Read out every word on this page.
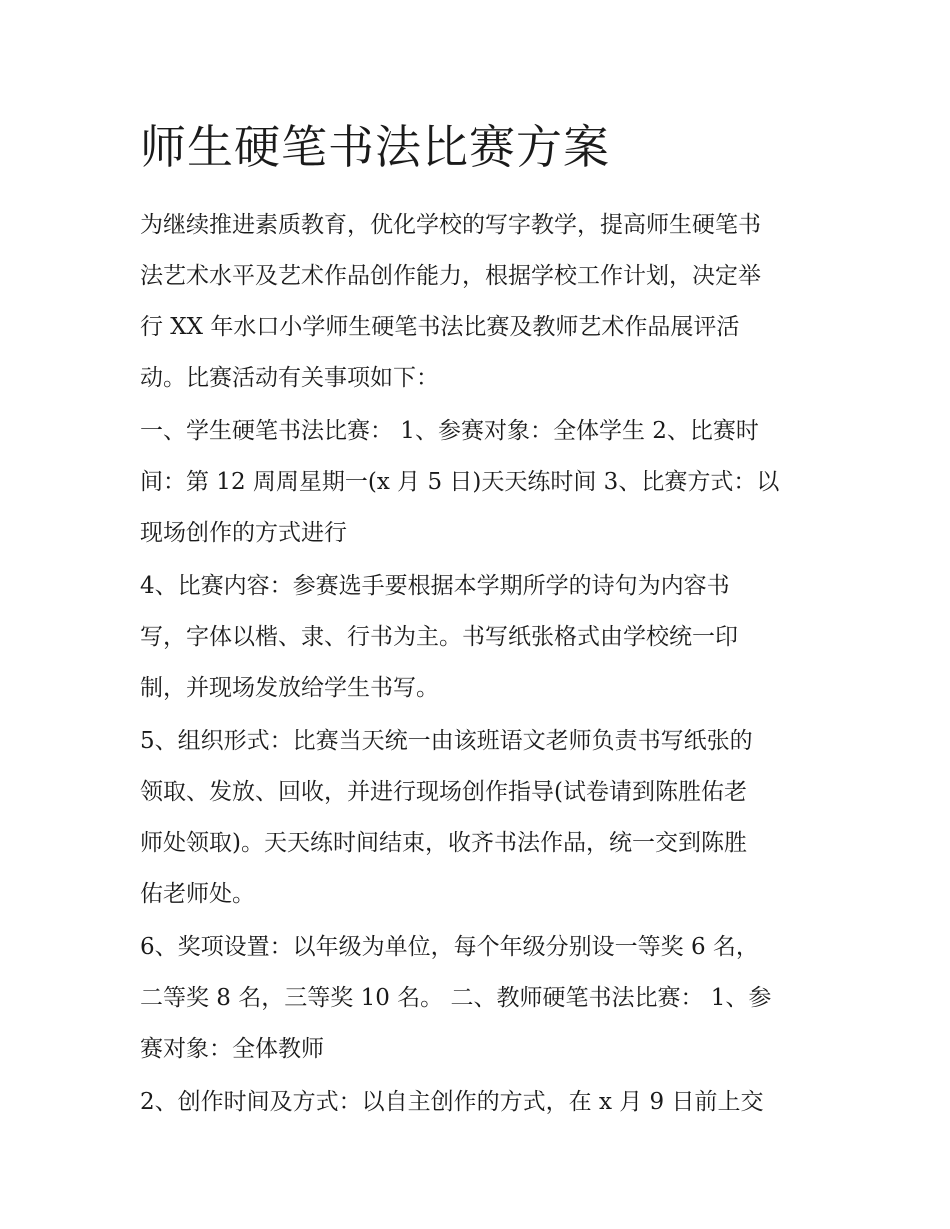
师生硬笔书法比赛方案

为继续推进素质教育，优化学校的写字教学，提高师生硬笔书
法艺术水平及艺术作品创作能力，根据学校工作计划，决定举
行 XX 年水口小学师生硬笔书法比赛及教师艺术作品展评活
动。比赛活动有关事项如下：

一、学生硬笔书法比赛： 1、参赛对象：全体学生 2、比赛时
间：第 12 周周星期一(x 月 5 日)天天练时间 3、比赛方式：以
现场创作的方式进行

4、比赛内容：参赛选手要根据本学期所学的诗句为内容书
写，字体以楷、隶、行书为主。书写纸张格式由学校统一印
制，并现场发放给学生书写。

5、组织形式：比赛当天统一由该班语文老师负责书写纸张的
领取、发放、回收，并进行现场创作指导(试卷请到陈胜佑老
师处领取)。天天练时间结束，收齐书法作品，统一交到陈胜
佑老师处。

6、奖项设置：以年级为单位，每个年级分别设一等奖 6 名，
二等奖 8 名，三等奖 10 名。 二、教师硬笔书法比赛： 1、参
赛对象：全体教师

2、创作时间及方式：以自主创作的方式，在 x 月 9 日前上交
